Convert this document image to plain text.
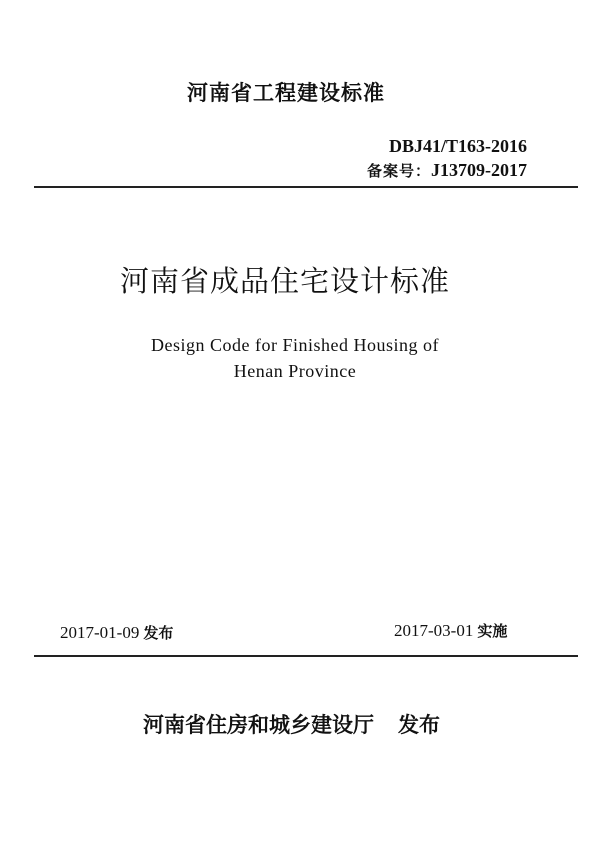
河南省工程建设标准
DBJ41/T163-2016
备案号：J13709-2017
河南省成品住宅设计标准
Design Code for Finished Housing of
Henan Province
2017-01-09 发布	2017-03-01 实施
河南省住房和城乡建设厅 发布
